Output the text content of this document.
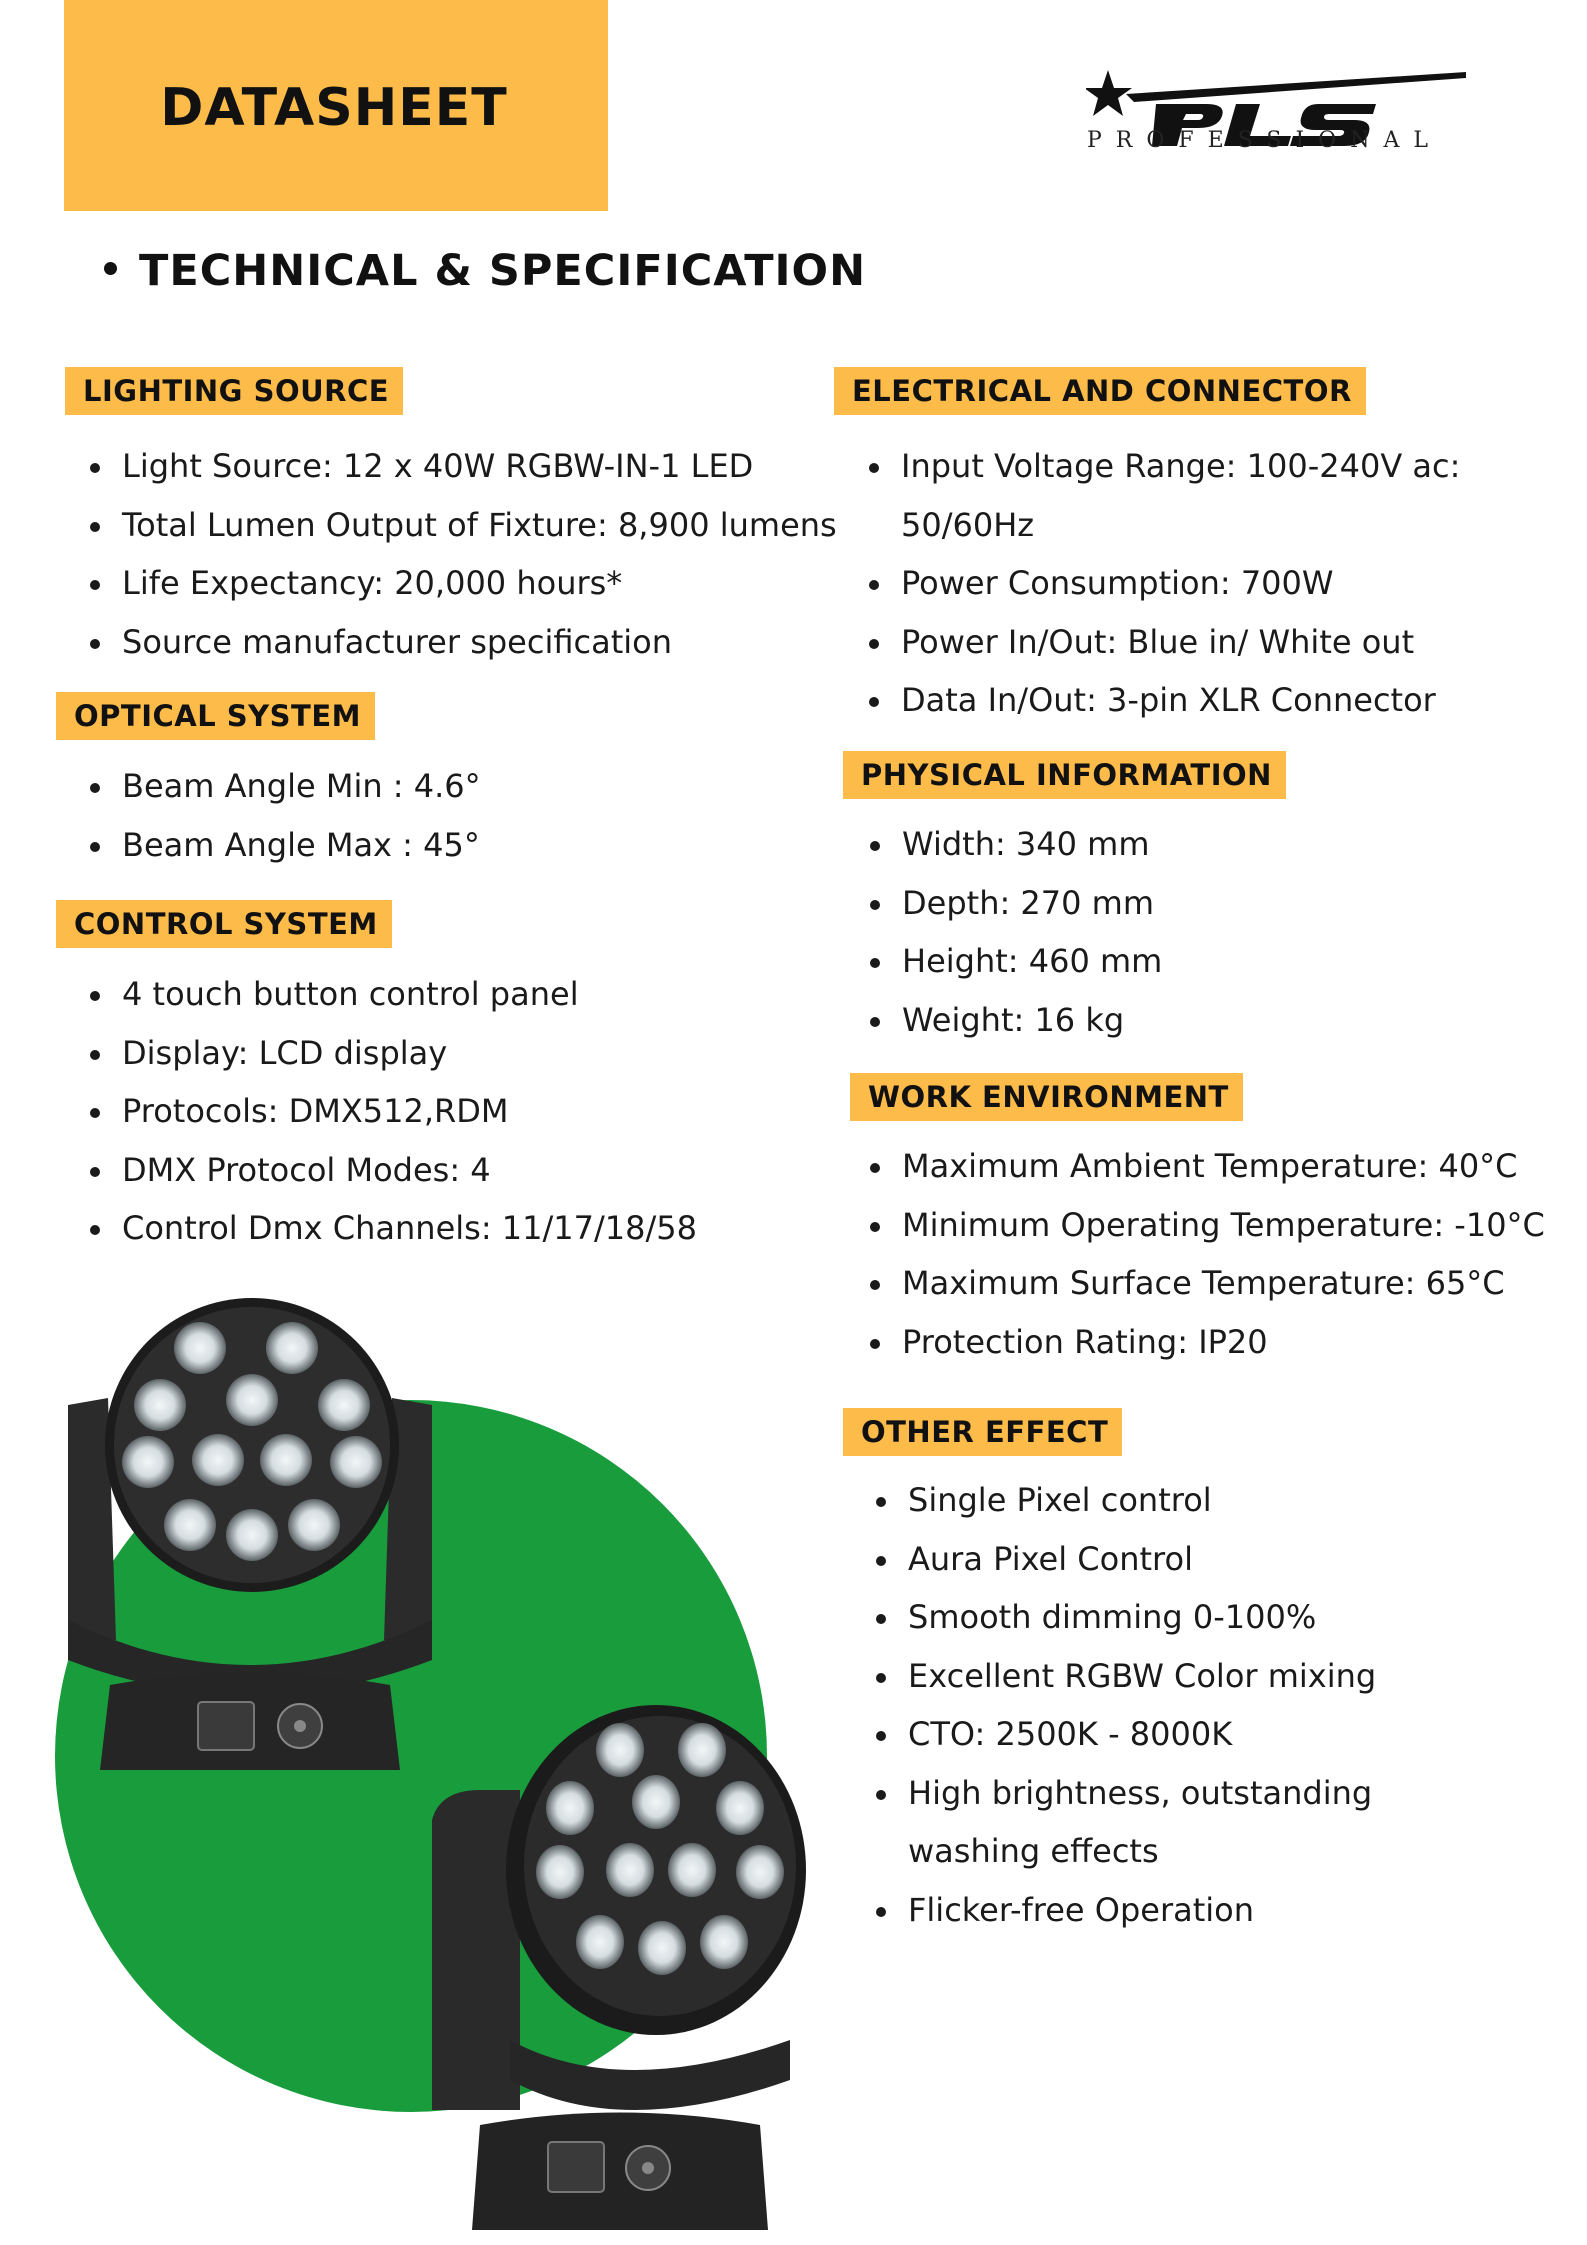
DATASHEET
PROFESSIONAL
TECHNICAL & SPECIFICATION
LIGHTING SOURCE
Light Source: 12 x 40W RGBW-IN-1 LED
Total Lumen Output of Fixture: 8,900 lumens
Life Expectancy: 20,000 hours*
Source manufacturer specification
OPTICAL SYSTEM
Beam Angle Min : 4.6°
Beam Angle Max : 45°
CONTROL SYSTEM
4 touch button control panel
Display: LCD display
Protocols: DMX512,RDM
DMX Protocol Modes: 4
Control Dmx Channels: 11/17/18/58
ELECTRICAL AND CONNECTOR
Input Voltage Range: 100-240V ac:
50/60Hz
Power Consumption: 700W
Power In/Out: Blue in/ White out
Data In/Out: 3-pin XLR Connector
PHYSICAL INFORMATION
Width: 340 mm
Depth: 270 mm
Height: 460 mm
Weight: 16 kg
WORK ENVIRONMENT
Maximum Ambient Temperature: 40°C
Minimum Operating Temperature: -10°C
Maximum Surface Temperature: 65°C
Protection Rating: IP20
OTHER EFFECT
Single Pixel control
Aura Pixel Control
Smooth dimming 0-100%
Excellent RGBW Color mixing
CTO: 2500K - 8000K
High brightness, outstanding
washing effects
Flicker-free Operation
